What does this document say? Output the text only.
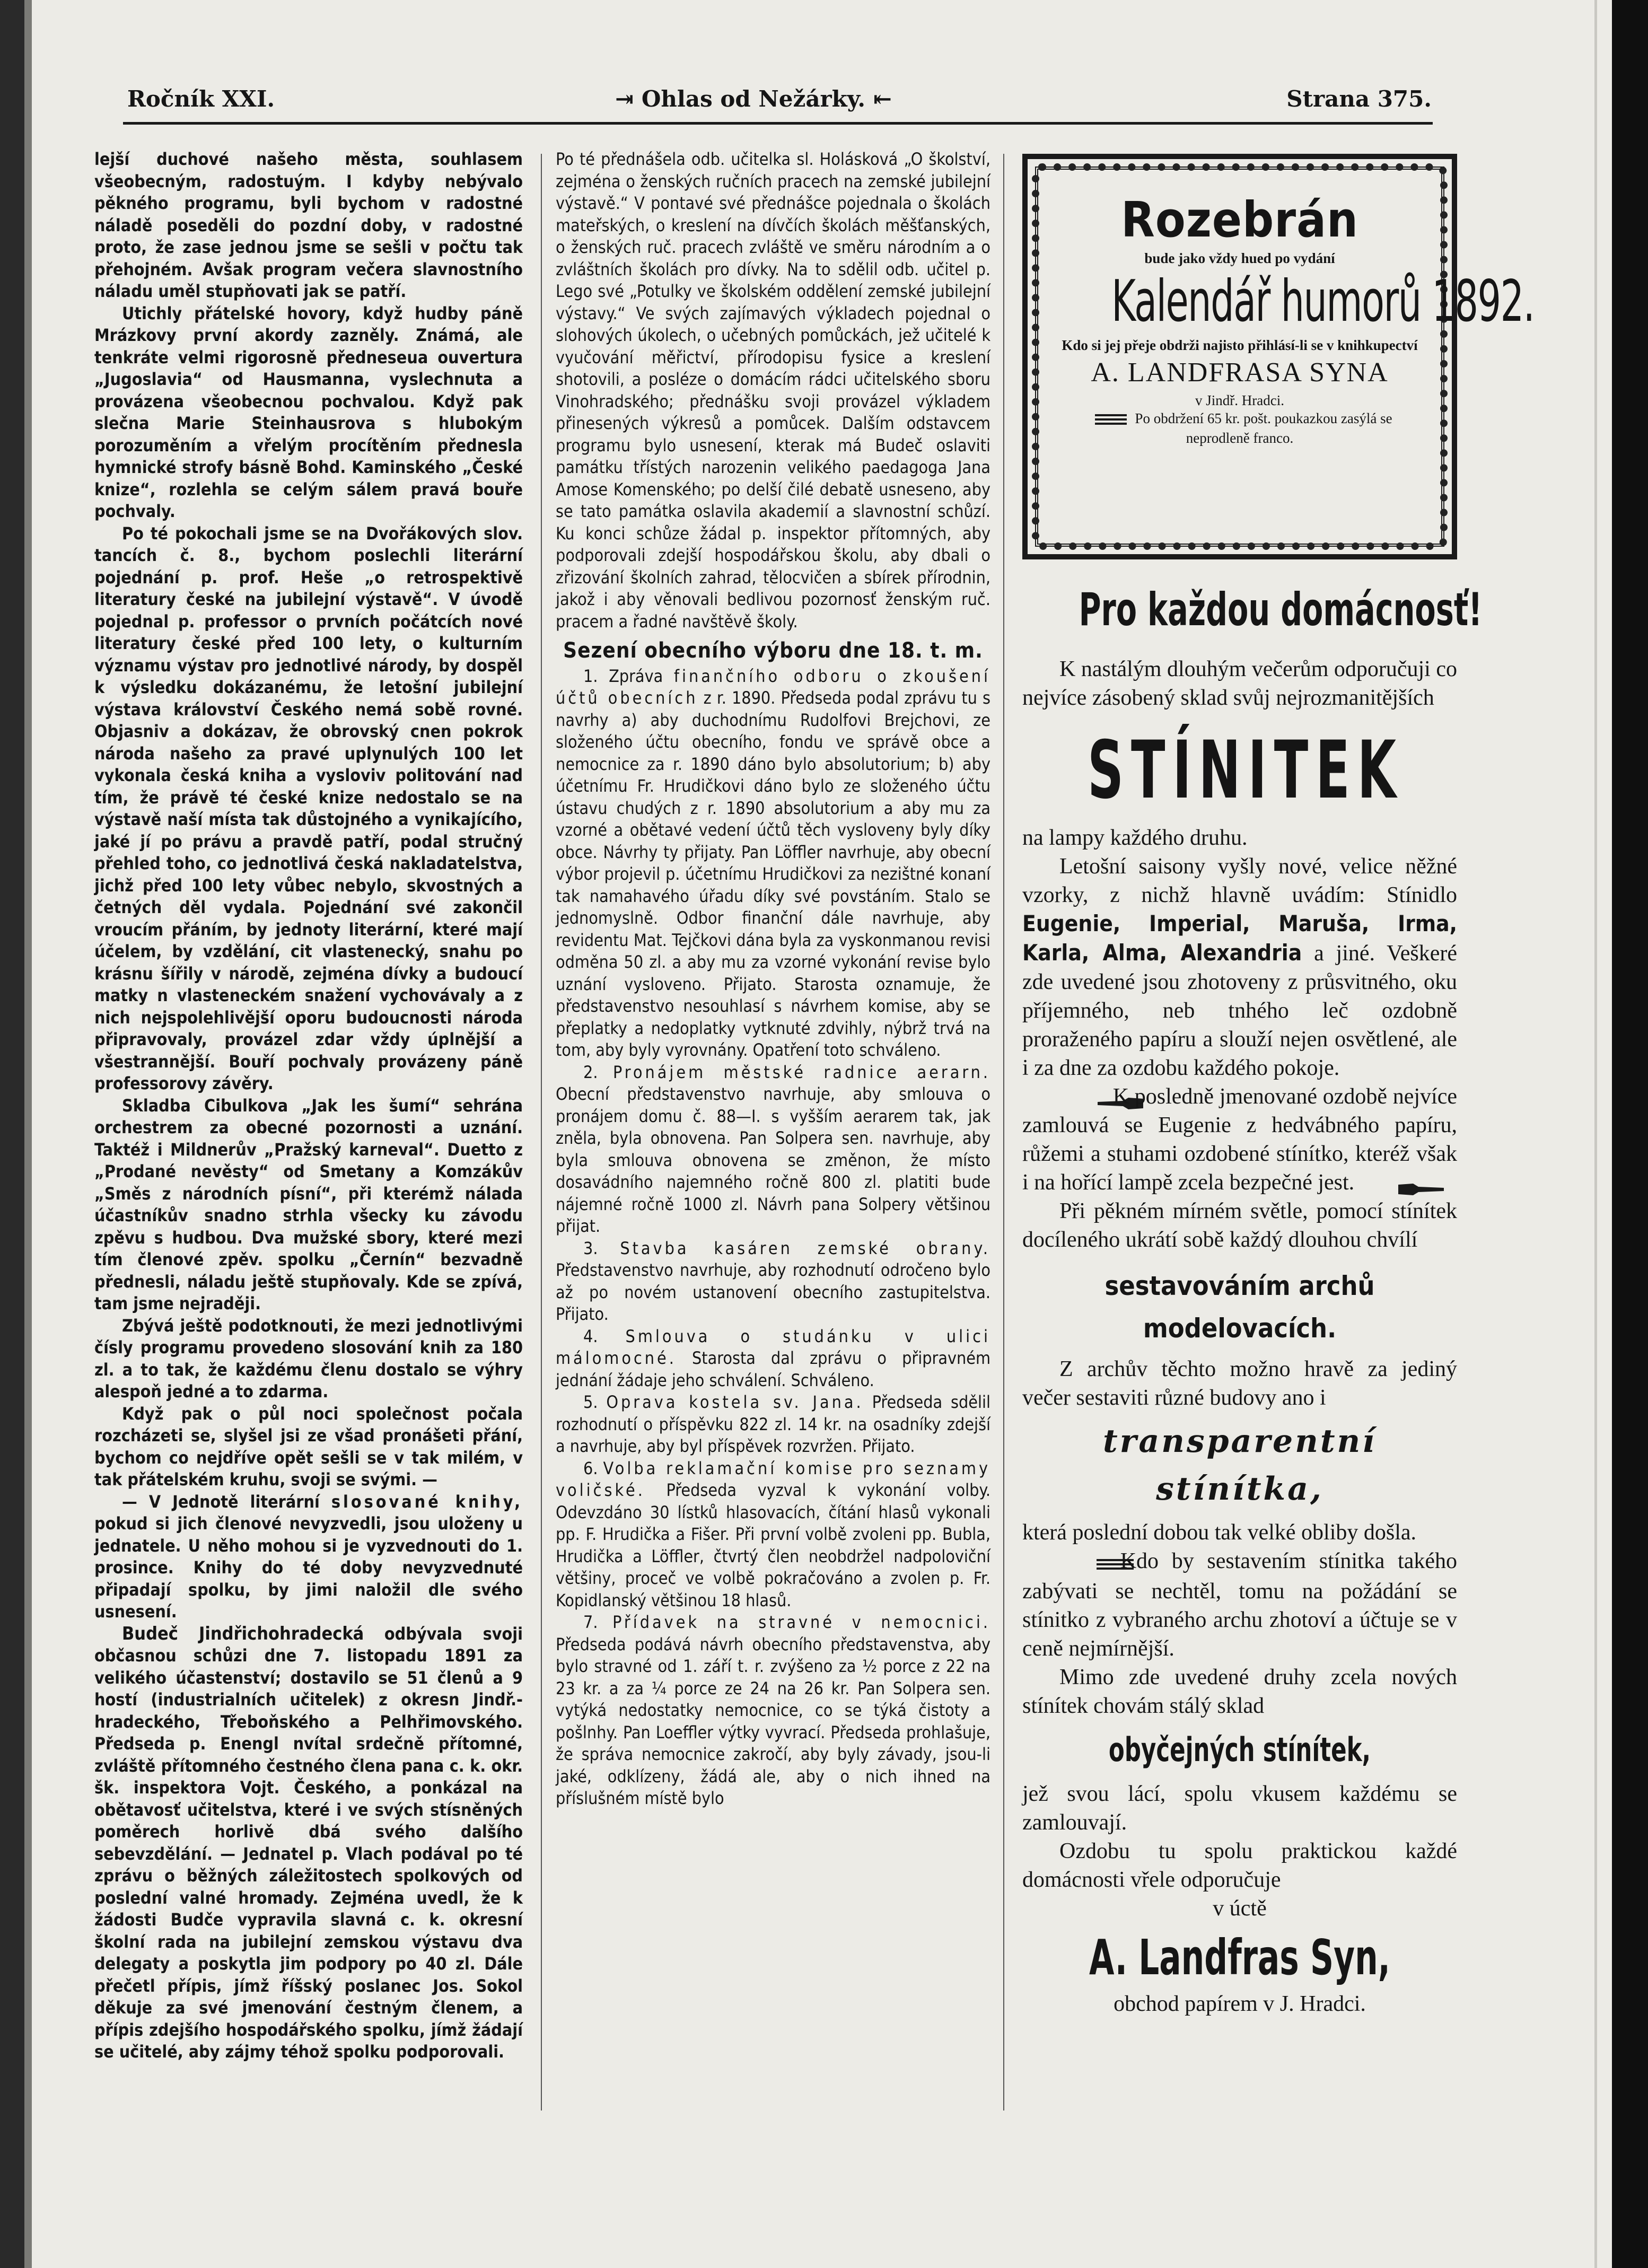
Ročník XXI.	⇥ Ohlas od Nežárky. ⇤	Strana 375.

lejší duchové našeho města, souhlasem všeobecným, radostuým. I kdyby nebývalo pěkného programu, byli bychom v radostné náladě poseděli do pozdní doby, v radostné proto, že zase jednou jsme se sešli v počtu tak přehojném. Avšak program večera slavnostního náladu uměl stupňovati jak se patří.

Utichly přátelské hovory, když hudby páně Mrázkovy první akordy zazněly. Známá, ale tenkráte velmi rigorosně předneseua ouvertura „Jugoslavia“ od Hausmanna, vyslechnuta a provázena všeobecnou pochvalou. Když pak slečna Marie Steinhausrova s hlubokým porozuměním a vřelým procítěním přednesla hymnické strofy básně Bohd. Kaminského „České knize“, rozlehla se celým sálem pravá bouře pochvaly.

Po té pokochali jsme se na Dvořákových slov. tancích č. 8., bychom poslechli literární pojednání p. prof. Heše „o retrospektivě literatury české na jubilejní výstavě“. V úvodě pojednal p. professor o prvních počátcích nové literatury české před 100 lety, o kulturním významu výstav pro jednotlivé národy, by dospěl k výsledku dokázanému, že letošní jubilejní výstava království Českého nemá sobě rovné. Objasniv a dokázav, že obrovský cnen pokrok národa našeho za pravé uplynulých 100 let vykonala česká kniha a vysloviv politování nad tím, že právě té české knize nedostalo se na výstavě naší místa tak důstojného a vynikajícího, jaké jí po právu a pravdě patří, podal stručný přehled toho, co jednotlivá česká nakladatelstva, jichž před 100 lety vůbec nebylo, skvostných a četných děl vydala. Pojednání své zakončil vroucím přáním, by jednoty literární, které mají účelem, by vzdělání, cit vlastenecký, snahu po krásnu šířily v národě, zejména dívky a budoucí matky n vlasteneckém snažení vychovávaly a z nich nejspolehlivější oporu budoucnosti národa připravovaly, provázel zdar vždy úplnější a všestrannější. Bouří pochvaly provázeny páně professorovy závěry.

Skladba Cibulkova „Jak les šumí“ sehrána orchestrem za obecné pozornosti a uznání. Taktéž i Mildnerův „Pražský karneval“. Duetto z „Prodané nevěsty“ od Smetany a Komzákův „Směs z národních písní“, při kterémž nálada účastníkův snadno strhla všecky ku závodu zpěvu s hudbou. Dva mužské sbory, které mezi tím členové zpěv. spolku „Černín“ bezvadně přednesli, náladu ještě stupňovaly. Kde se zpívá, tam jsme nejraději.

Zbývá ještě podotknouti, že mezi jednotlivými čísly programu provedeno slosování knih za 180 zl. a to tak, že každému členu dostalo se výhry alespoň jedné a to zdarma.

Když pak o půl noci společnost počala rozcházeti se, slyšel jsi ze všad pronášeti přání, bychom co nejdříve opět sešli se v tak milém, v tak přátelském kruhu, svoji se svými. —

— V Jednotě literární slosované knihy, pokud si jich členové nevyzvedli, jsou uloženy u jednatele. U něho mohou si je vyzvednouti do 1. prosince. Knihy do té doby nevyzvednuté připadají spolku, by jimi naložil dle svého usnesení.

Budeč Jindřichohradecká odbývala svoji občasnou schůzi dne 7. listopadu 1891 za velikého účastenství; dostavilo se 51 členů a 9 hostí (industrialních učitelek) z okresn Jindř.-hradeckého, Třeboňského a Pelhřimovského. Předseda p. Enengl nvítal srdečně přítomné, zvláště přítomného čestného člena pana c. k. okr. šk. inspektora Vojt. Českého, a ponkázal na obětavosť učitelstva, které i ve svých stísněných poměrech horlivě dbá svého dalšího sebevzdělání. — Jednatel p. Vlach podával po té zprávu o běžných záležitostech spolkových od poslední valné hromady. Zejména uvedl, že k žádosti Budče vypravila slavná c. k. okresní školní rada na jubilejní zemskou výstavu dva delegaty a poskytla jim podpory po 40 zl. Dále přečetl přípis, jímž říšský poslanec Jos. Sokol děkuje za své jmenování čestným členem, a přípis zdejšího hospodářského spolku, jímž žádají se učitelé, aby zájmy téhož spolku podporovali.

Po té přednášela odb. učitelka sl. Holásková „O školství, zejména o ženských ručních pracech na zemské jubilejní výstavě.“ V pontavé své přednášce pojednala o školách mateřských, o kreslení na dívčích školách měšťanských, o ženských ruč. pracech zvláště ve směru národním a o zvláštních školách pro dívky. Na to sdělil odb. učitel p. Lego své „Potulky ve školském oddělení zemské jubilejní výstavy.“ Ve svých zajímavých výkladech pojednal o slohových úkolech, o učebných pomůckách, jež učitelé k vyučování měřictví, přírodopisu fysice a kreslení shotovili, a posléze o domácím rádci učitelského sboru Vinohradského; přednášku svoji provázel výkladem přinesených výkresů a pomůcek. Dalším odstavcem programu bylo usnesení, kterak má Budeč oslaviti památku třístých narozenin velikého paedagoga Jana Amose Komenského; po delší čilé debatě usneseno, aby se tato památka oslavila akademií a slavnostní schůzí. Ku konci schůze žádal p. inspektor přítomných, aby podporovali zdejší hospodářskou školu, aby dbali o zřizování školních zahrad, tělocvičen a sbírek přírodnin, jakož i aby věnovali bedlivou pozornosť ženským ruč. pracem a řadné navštěvě školy.

Sezení obecního výboru dne 18. t. m.

1. Zpráva finančního odboru o zkoušení účtů obecních z r. 1890. Předseda podal zprávu tu s navrhy a) aby duchodnímu Rudolfovi Brejchovi, ze složeného účtu obecního, fondu ve správě obce a nemocnice za r. 1890 dáno bylo absolutorium; b) aby účetnímu Fr. Hrudičkovi dáno bylo ze složeného účtu ústavu chudých z r. 1890 absolutorium a aby mu za vzorné a obětavé vedení účtů těch vysloveny byly díky obce. Návrhy ty přijaty. Pan Löffler navrhuje, aby obecní výbor projevil p. účetnímu Hrudičkovi za nezištné konaní tak namahavého úřadu díky své povstáním. Stalo se jednomyslně. Odbor finanční dále navrhuje, aby revidentu Mat. Tejčkovi dána byla za vyskonmanou revisi odměna 50 zl. a aby mu za vzorné vykonání revise bylo uznání vysloveno. Přijato. Starosta oznamuje, že představenstvo nesouhlasí s návrhem komise, aby se přeplatky a nedoplatky vytknuté zdvihly, nýbrž trvá na tom, aby byly vyrovnány. Opatření toto schváleno.

2. Pronájem městské radnice aerarn. Obecní představenstvo navrhuje, aby smlouva o pronájem domu č. 88—I. s vyšším aerarem tak, jak zněla, byla obnovena. Pan Solpera sen. navrhuje, aby byla smlouva obnovena se změnon, že místo dosavádního najemného ročně 800 zl. platiti bude nájemné ročně 1000 zl. Návrh pana Solpery většinou přijat.

3. Stavba kasáren zemské obrany. Představenstvo navrhuje, aby rozhodnutí odročeno bylo až po novém ustanovení obecního zastupitelstva. Přijato.

4. Smlouva o studánku v ulici málomocné. Starosta dal zprávu o připravném jednání žádaje jeho schválení. Schváleno.

5. Oprava kostela sv. Jana. Předseda sdělil rozhodnutí o příspěvku 822 zl. 14 kr. na osadníky zdejší a navrhuje, aby byl příspěvek rozvržen. Přijato.

6. Volba reklamační komise pro seznamy voličské. Předseda vyzval k vykonání volby. Odevzdáno 30 lístků hlasovacích, čítání hlasů vykonali pp. F. Hrudička a Fišer. Při první volbě zvoleni pp. Bubla, Hrudička a Löffler, čtvrtý člen neobdržel nadpoloviční většiny, proceč ve volbě pokračováno a zvolen p. Fr. Kopidlanský většinou 18 hlasů.

7. Přídavek na stravné v nemocnici. Předseda podává návrh obecního představenstva, aby bylo stravné od 1. září t. r. zvýšeno za ½ porce z 22 na 23 kr. a za ¼ porce ze 24 na 26 kr. Pan Solpera sen. vytýká nedostatky nemocnice, co se týká čistoty a pošlnhy. Pan Loeffler výtky vyvrací. Předseda prohlašuje, že správa nemocnice zakročí, aby byly závady, jsou-li jaké, odklízeny, žádá ale, aby o nich ihned na příslušném místě bylo

Rozebrán
bude jako vždy hued po vydání
Kalendář humorů 1892.
Kdo si jej přeje obdrži najisto přihlásí-li se v knihkupectví
A. LANDFRASA SYNA
v Jindř. Hradci.
Po obdržení 65 kr. pošt. poukazkou zasýlá se neprodleně franco.
Pro každou domácnosť!

K nastálým dlouhým večerům odporučuji co nejvíce zásobený sklad svůj nejrozmanitějších

STÍNITEK

na lampy každého druhu.

Letošní saisony vyšly nové, velice něžné vzorky, z nichž hlavně uvádím: Stínidlo Eugenie, Imperial, Maruša, Irma, Karla, Alma, Alexandria a jiné. Veškeré zde uvedené jsou zhotoveny z průsvitného, oku příjemného, neb tnhého leč ozdobně proraženého papíru a slouží nejen osvětlené, ale i za dne za ozdobu každého pokoje.

K posledně jmenované ozdobě nejvíce zamlouvá se Eugenie z hedvábného papíru, růžemi a stuhami ozdobené stínítko, kteréž však i na hořící lampě zcela bezpečné jest.

Při pěkném mírném světle, pomocí stínítek docíleného ukrátí sobě každý dlouhou chvílí

sestavováním archů modelovacích.

Z archův těchto možno hravě za jediný večer sestaviti různé budovy ano i

transparentní stínítka,

která poslední dobou tak velké obliby došla.

Kdo by sestavením stínitka takého zabývati se nechtěl, tomu na požádání se stínitko z vybraného archu zhotoví a účtuje se v ceně nejmírnější.

Mimo zde uvedené druhy zcela nových stínítek chovám stálý sklad

obyčejných stínítek,

jež svou lácí, spolu vkusem každému se zamlouvají.

Ozdobu tu spolu praktickou každé domácnosti vřele odporučuje

v úctě

A. Landfras Syn,

obchod papírem v J. Hradci.
